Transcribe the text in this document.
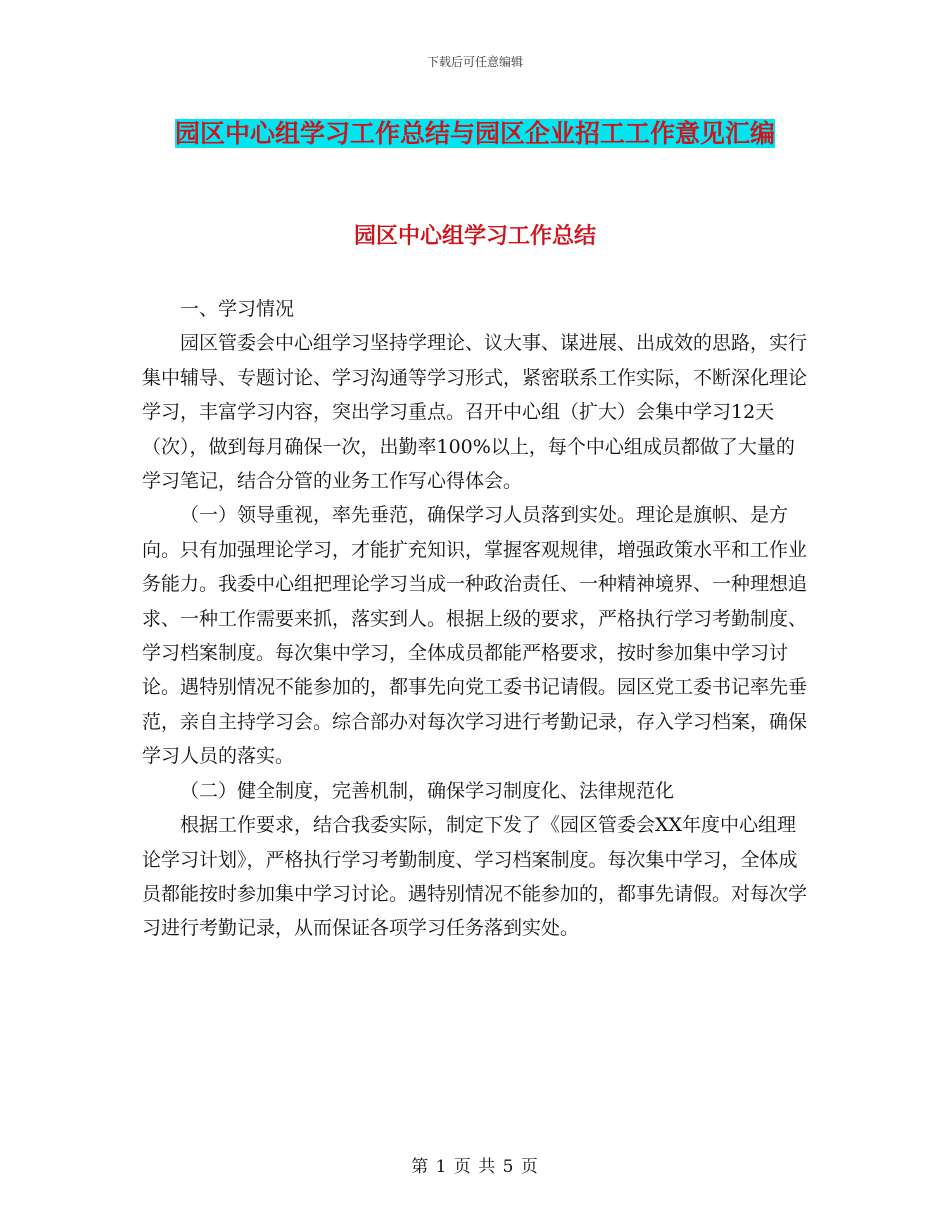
下载后可任意编辑
园区中心组学习工作总结与园区企业招工工作意见汇编
园区中心组学习工作总结

一、学习情况

园区管委会中心组学习坚持学理论、议大事、谋进展、出成效的思路，实行集中辅导、专题讨论、学习沟通等学习形式，紧密联系工作实际，不断深化理论学习，丰富学习内容，突出学习重点。召开中心组（扩大）会集中学习12天（次），做到每月确保一次，出勤率100%以上，每个中心组成员都做了大量的学习笔记，结合分管的业务工作写心得体会。

（一）领导重视，率先垂范，确保学习人员落到实处。理论是旗帜、是方向。只有加强理论学习，才能扩充知识，掌握客观规律，增强政策水平和工作业务能力。我委中心组把理论学习当成一种政治责任、一种精神境界、一种理想追求、一种工作需要来抓，落实到人。根据上级的要求，严格执行学习考勤制度、学习档案制度。每次集中学习，全体成员都能严格要求，按时参加集中学习讨论。遇特别情况不能参加的，都事先向党工委书记请假。园区党工委书记率先垂范，亲自主持学习会。综合部办对每次学习进行考勤记录，存入学习档案，确保学习人员的落实。

（二）健全制度，完善机制，确保学习制度化、法律规范化

根据工作要求，结合我委实际，制定下发了《园区管委会XX年度中心组理论学习计划》，严格执行学习考勤制度、学习档案制度。每次集中学习，全体成员都能按时参加集中学习讨论。遇特别情况不能参加的，都事先请假。对每次学习进行考勤记录，从而保证各项学习任务落到实处。

第 1 页 共 5 页
